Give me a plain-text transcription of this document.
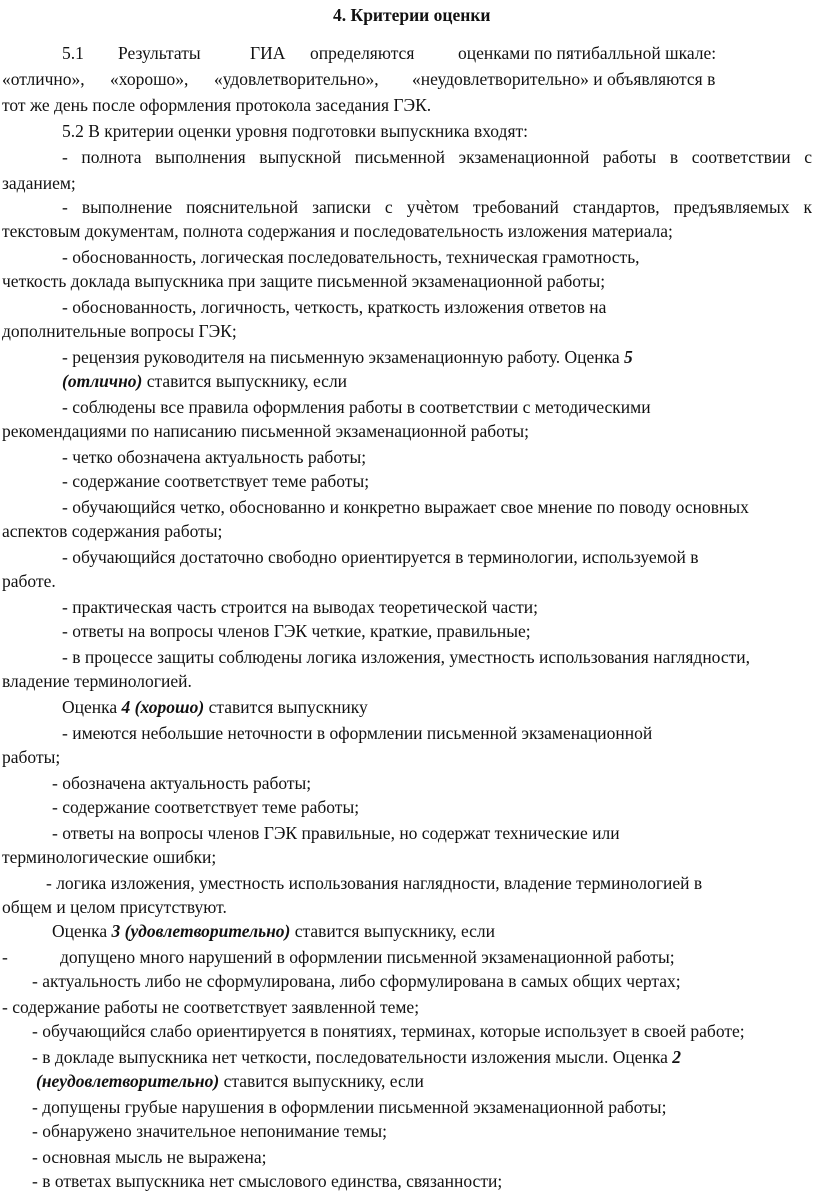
4. Критерии оценки
5.1 Результаты	ГИА определяются оценками по пятибалльной шкале:
«отлично», «хорошо», «удовлетворительно», «неудовлетворительно» и объявляются в
тот же день после оформления протокола заседания ГЭК.
5.2 В критерии оценки уровня подготовки выпускника входят:
- полнота выполнения выпускной письменной экзаменационной работы в соответствии с
заданием;
- выполнение пояснительной записки с учѐтом требований стандартов, предъявляемых к
текстовым документам, полнота содержания и последовательность изложения материала;
- обоснованность, логическая последовательность, техническая грамотность,
четкость доклада выпускника при защите письменной экзаменационной работы;
- обоснованность, логичность, четкость, краткость изложения ответов на
дополнительные вопросы ГЭК;
- рецензия руководителя на письменную экзаменационную работу. Оценка 5
(отлично) ставится выпускнику, если
- соблюдены все правила оформления работы в соответствии с методическими
рекомендациями по написанию письменной экзаменационной работы;
- четко обозначена актуальность работы;
- содержание соответствует теме работы;
- обучающийся четко, обоснованно и конкретно выражает свое мнение по поводу основных
аспектов содержания работы;
- обучающийся достаточно свободно ориентируется в терминологии, используемой в
работе.
- практическая часть строится на выводах теоретической части;
- ответы на вопросы членов ГЭК четкие, краткие, правильные;
- в процессе защиты соблюдены логика изложения, уместность использования наглядности,
владение терминологией.
Оценка 4 (хорошо) ставится выпускнику
- имеются небольшие неточности в оформлении письменной экзаменационной
работы;
- обозначена актуальность работы;
- содержание соответствует теме работы;
- ответы на вопросы членов ГЭК правильные, но содержат технические или
терминологические ошибки;
- логика изложения, уместность использования наглядности, владение терминологией в
общем и целом присутствуют.
Оценка 3 (удовлетворительно) ставится выпускнику, если
-	допущено много нарушений в оформлении письменной экзаменационной работы;
- актуальность либо не сформулирована, либо сформулирована в самых общих чертах;
- содержание работы не соответствует заявленной теме;
- обучающийся слабо ориентируется в понятиях, терминах, которые использует в своей работе;
- в докладе выпускника нет четкости, последовательности изложения мысли. Оценка 2
(неудовлетворительно) ставится выпускнику, если
- допущены грубые нарушения в оформлении письменной экзаменационной работы;
- обнаружено значительное непонимание темы;
- основная мысль не выражена;
- в ответах выпускника нет смыслового единства, связанности;
